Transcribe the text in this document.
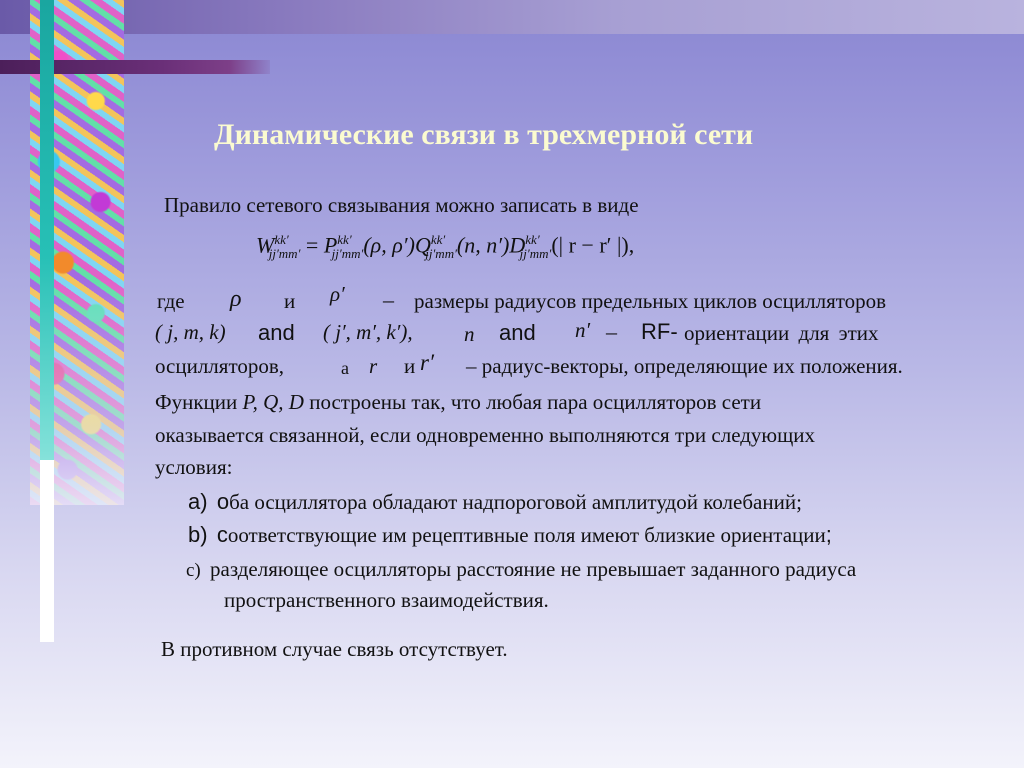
Динамические связи в трехмерной сети
Правило сетевого связывания можно записать в виде
$W^{kk'}_{jj'mm'} = P^{kk'}_{jj'mm'}(\rho$, $\rho')Q^{kk'}_{jj'mm'}(n$, $n')D^{kk'}_{jj'mm'}(|$ r − r′ |),
где ρ и ρ′ – размеры радиусов предельных циклов осцилляторов
( j, m, k) and ( j′, m′, k′), n and n′ – RF- ориентации для этих
осцилляторов,	а r и r′ – радиус-векторы, определяющие их положения.
Функции P, Q, D построены так, что любая пара осцилляторов сети
оказывается связанной, если одновременно выполняются три следующих
условия:
a) оба осциллятора обладают надпороговой амплитудой колебаний;
b) соответствующие им рецептивные поля имеют близкие ориентации;
c) разделяющее осцилляторы расстояние не превышает заданного радиуса
пространственного взаимодействия.
В противном случае связь отсутствует.
